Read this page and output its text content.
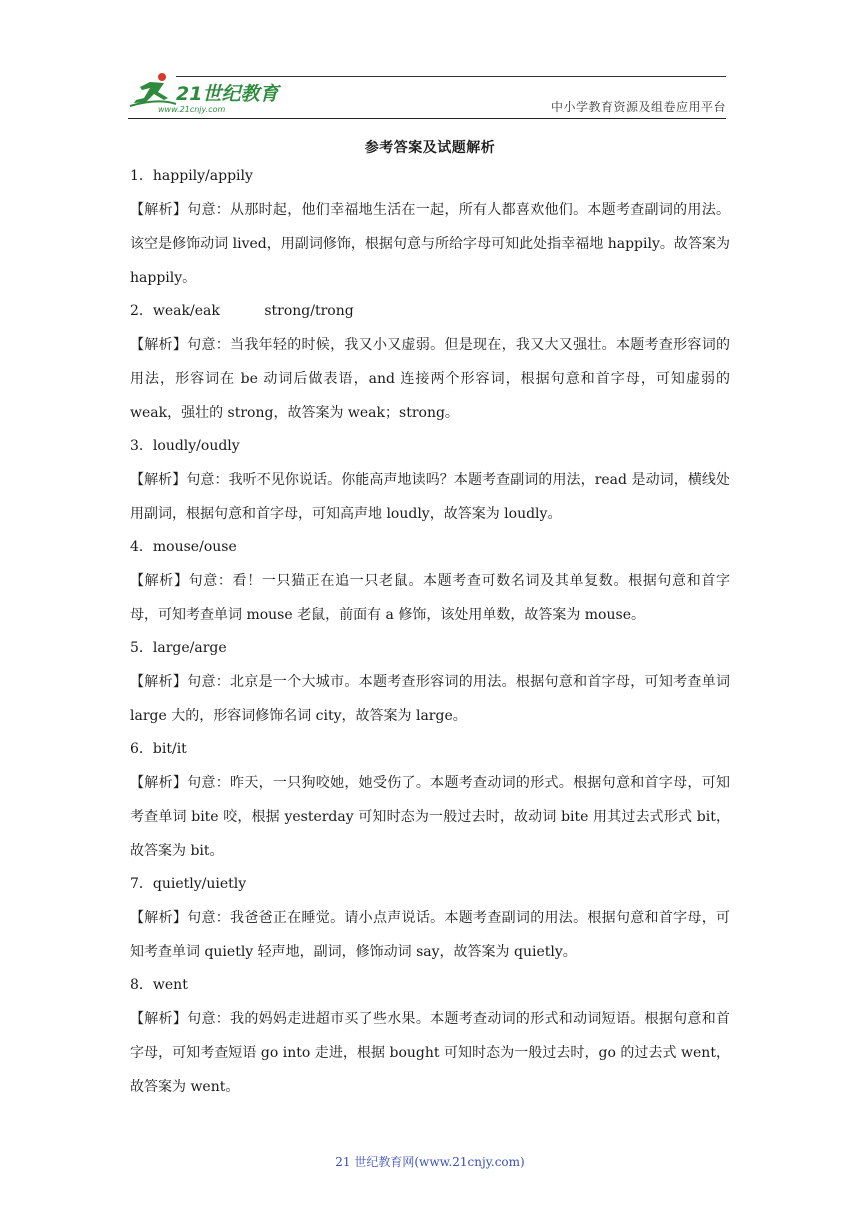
21世纪教育
www.21cnjy.com	中小学教育资源及组卷应用平台
参考答案及试题解析
1．happily/appily

【解析】句意：从那时起，他们幸福地生活在一起，所有人都喜欢他们。本题考查副词的用法。该空是修饰动词 lived，用副词修饰，根据句意与所给字母可知此处指幸福地 happily。故答案为 happily。

2．weak/eak          strong/trong

【解析】句意：当我年轻的时候，我又小又虚弱。但是现在，我又大又强壮。本题考查形容词的用法，形容词在 be 动词后做表语，and 连接两个形容词，根据句意和首字母，可知虚弱的 weak，强壮的 strong，故答案为 weak；strong。

3．loudly/oudly

【解析】句意：我听不见你说话。你能高声地读吗？本题考查副词的用法，read 是动词，横线处用副词，根据句意和首字母，可知高声地 loudly，故答案为 loudly。

4．mouse/ouse

【解析】句意：看！一只猫正在追一只老鼠。本题考查可数名词及其单复数。根据句意和首字母，可知考查单词 mouse 老鼠，前面有 a 修饰，该处用单数，故答案为 mouse。

5．large/arge

【解析】句意：北京是一个大城市。本题考查形容词的用法。根据句意和首字母，可知考查单词 large 大的，形容词修饰名词 city，故答案为 large。

6．bit/it

【解析】句意：昨天，一只狗咬她，她受伤了。本题考查动词的形式。根据句意和首字母，可知考查单词 bite 咬，根据 yesterday 可知时态为一般过去时，故动词 bite 用其过去式形式 bit，故答案为 bit。

7．quietly/uietly

【解析】句意：我爸爸正在睡觉。请小点声说话。本题考查副词的用法。根据句意和首字母，可知考查单词 quietly 轻声地，副词，修饰动词 say，故答案为 quietly。

8．went

【解析】句意：我的妈妈走进超市买了些水果。本题考查动词的形式和动词短语。根据句意和首字母，可知考查短语 go into 走进，根据 bought 可知时态为一般过去时，go 的过去式 went，故答案为 went。

21 世纪教育网(www.21cnjy.com)
